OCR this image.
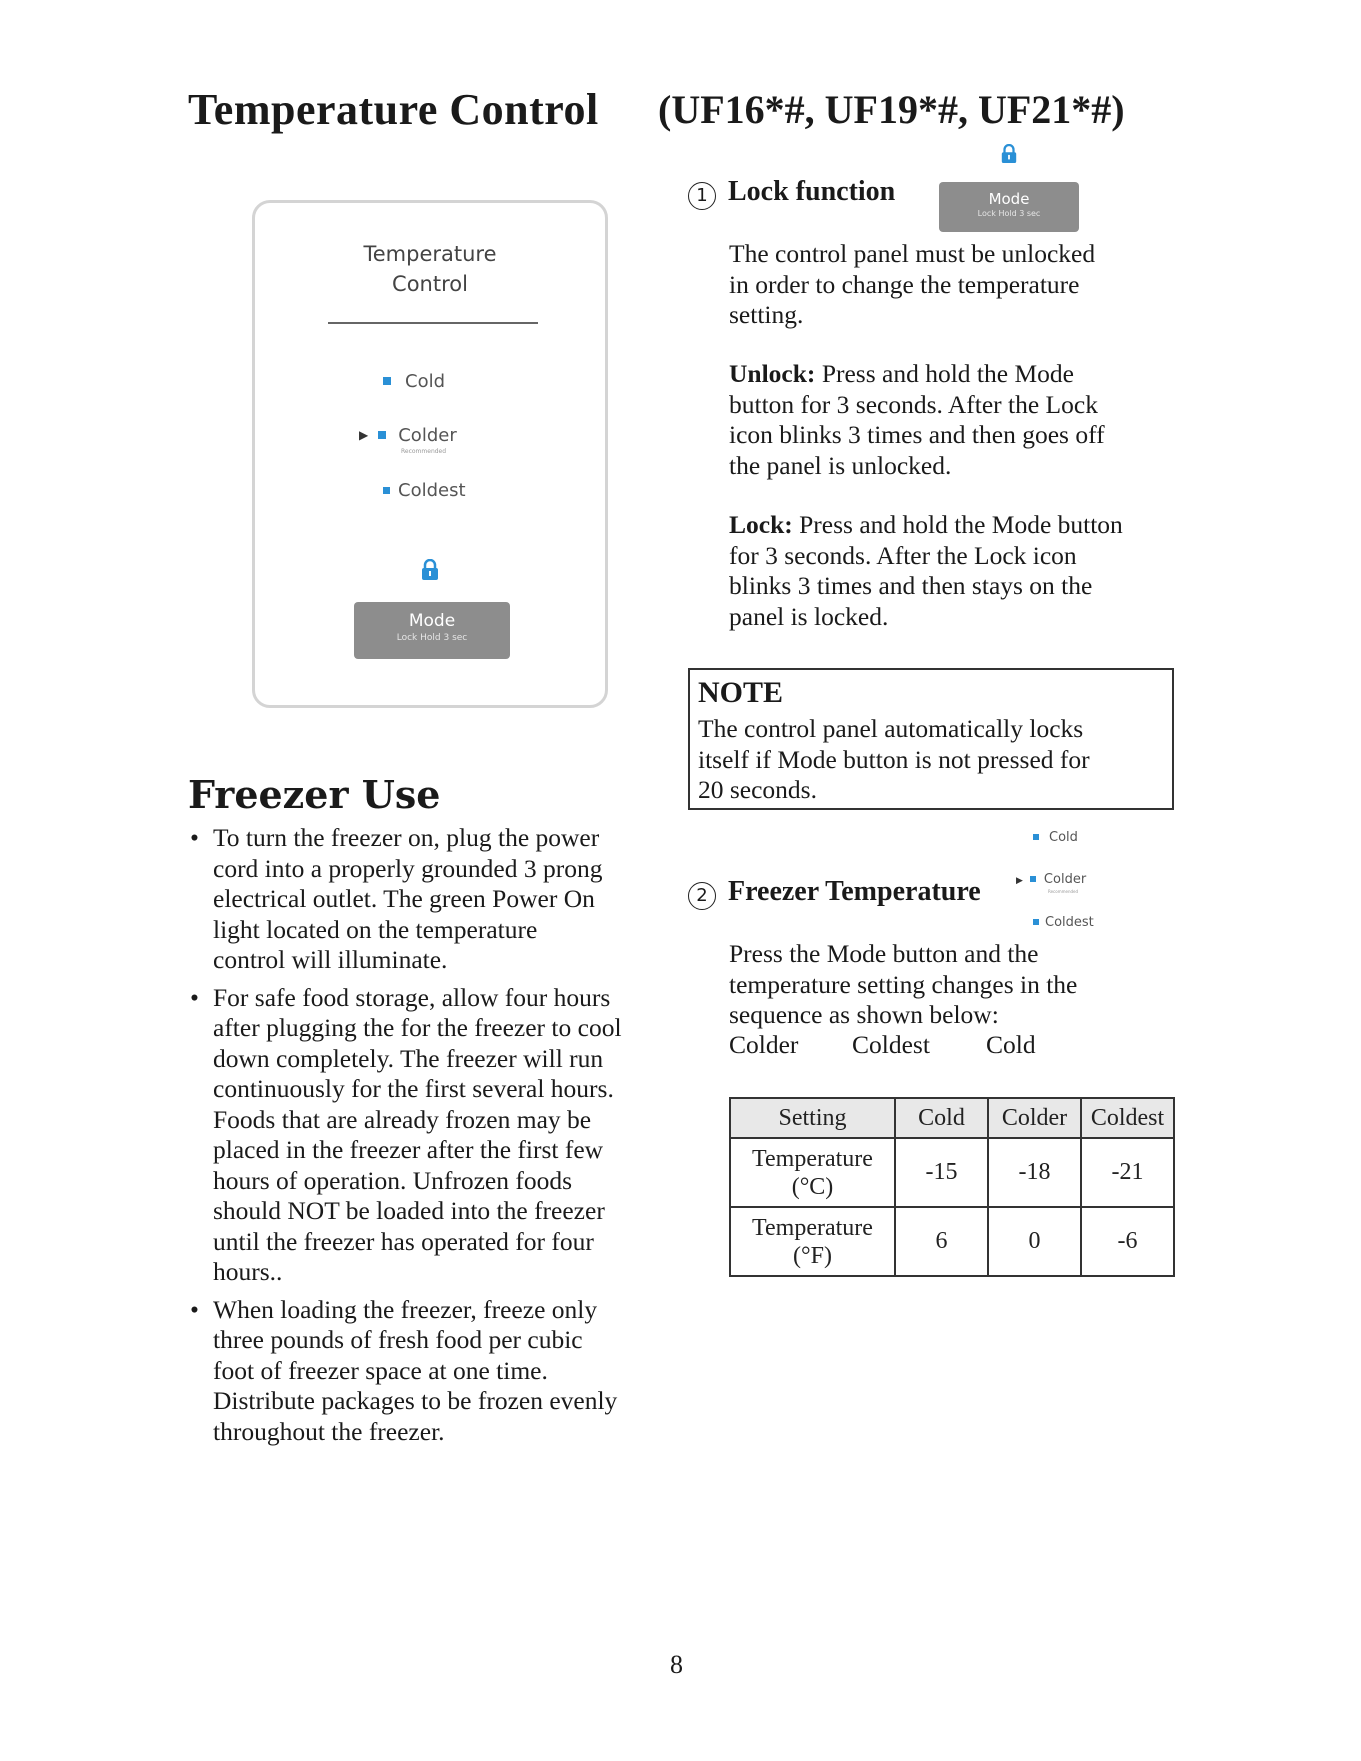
Temperature Control (UF16*#, UF19*#, UF21*#)
Temperature
Control
Cold
▶ Colder
Recommended
Coldest
Mode
Lock Hold 3 sec
1 Lock function	Mode
Lock Hold 3 sec
The control panel must be unlocked
in order to change the temperature
setting.
Unlock: Press and hold the Mode
button for 3 seconds. After the Lock
icon blinks 3 times and then goes off
the panel is unlocked.
Lock: Press and hold the Mode button
for 3 seconds. After the Lock icon
blinks 3 times and then stays on the
panel is locked.
NOTE
The control panel automatically locks
itself if Mode button is not pressed for
20 seconds.
2 Freezer Temperature
Cold
▶ Colder
Recommended
Coldest
Press the Mode button and the
temperature setting changes in the
sequence as shown below:
Colder Coldest Cold
Setting	Cold	Colder	Coldest

Temperature
(°C)	-15	-18	-21

Temperature
(°F)	6	0	-6
Freezer Use
• To turn the freezer on, plug the power
cord into a properly grounded 3 prong
electrical outlet. The green Power On
light located on the temperature
control will illuminate.
• For safe food storage, allow four hours
after plugging the for the freezer to cool
down completely. The freezer will run
continuously for the first several hours.
Foods that are already frozen may be
placed in the freezer after the first few
hours of operation. Unfrozen foods
should NOT be loaded into the freezer
until the freezer has operated for four
hours..
• When loading the freezer, freeze only
three pounds of fresh food per cubic
foot of freezer space at one time.
Distribute packages to be frozen evenly
throughout the freezer.
8
